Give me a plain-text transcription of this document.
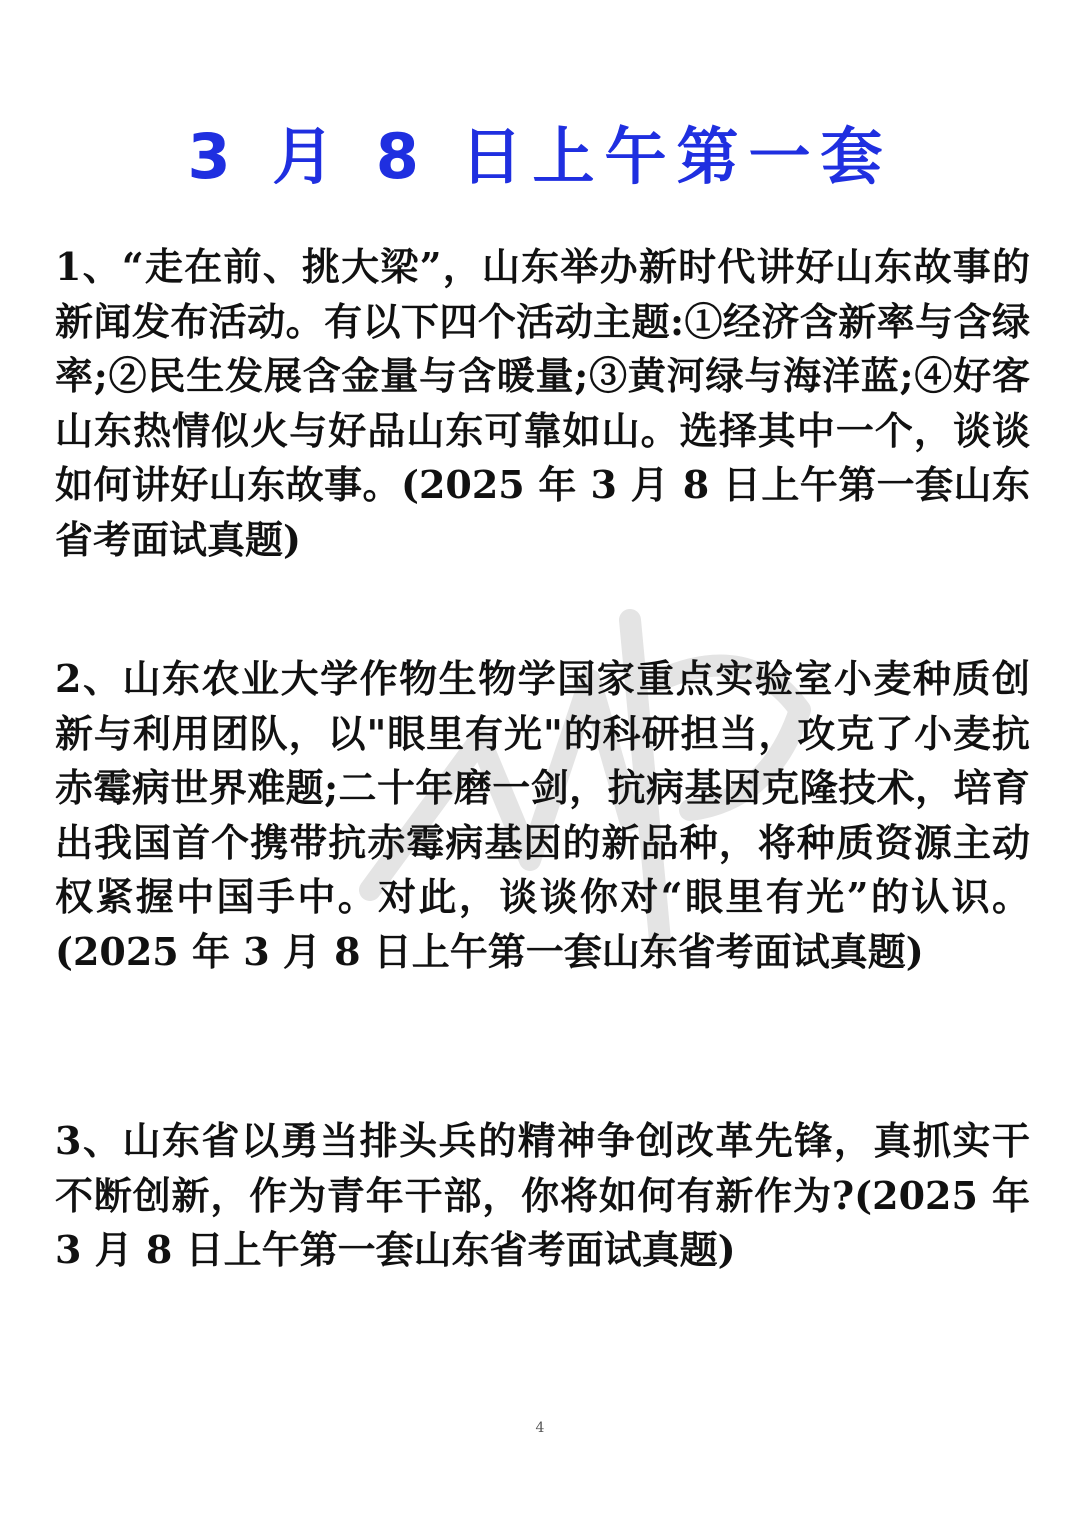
3 月 8 日上午第一套

1、“走在前、挑大梁”，山东举办新时代讲好山东故事的新闻发布活动。有以下四个活动主题:①经济含新率与含绿率;②民生发展含金量与含暖量;③黄河绿与海洋蓝;④好客山东热情似火与好品山东可靠如山。选择其中一个，谈谈如何讲好山东故事。(2025 年 3 月 8 日上午第一套山东省考面试真题)

2、山东农业大学作物生物学国家重点实验室小麦种质创新与利用团队，以"眼里有光"的科研担当，攻克了小麦抗赤霉病世界难题;二十年磨一剑，抗病基因克隆技术，培育出我国首个携带抗赤霉病基因的新品种，将种质资源主动权紧握中国手中。对此，谈谈你对“眼里有光”的认识。(2025 年 3 月 8 日上午第一套山东省考面试真题)

3、山东省以勇当排头兵的精神争创改革先锋，真抓实干不断创新，作为青年干部，你将如何有新作为?(2025 年 3 月 8 日上午第一套山东省考面试真题)

4
